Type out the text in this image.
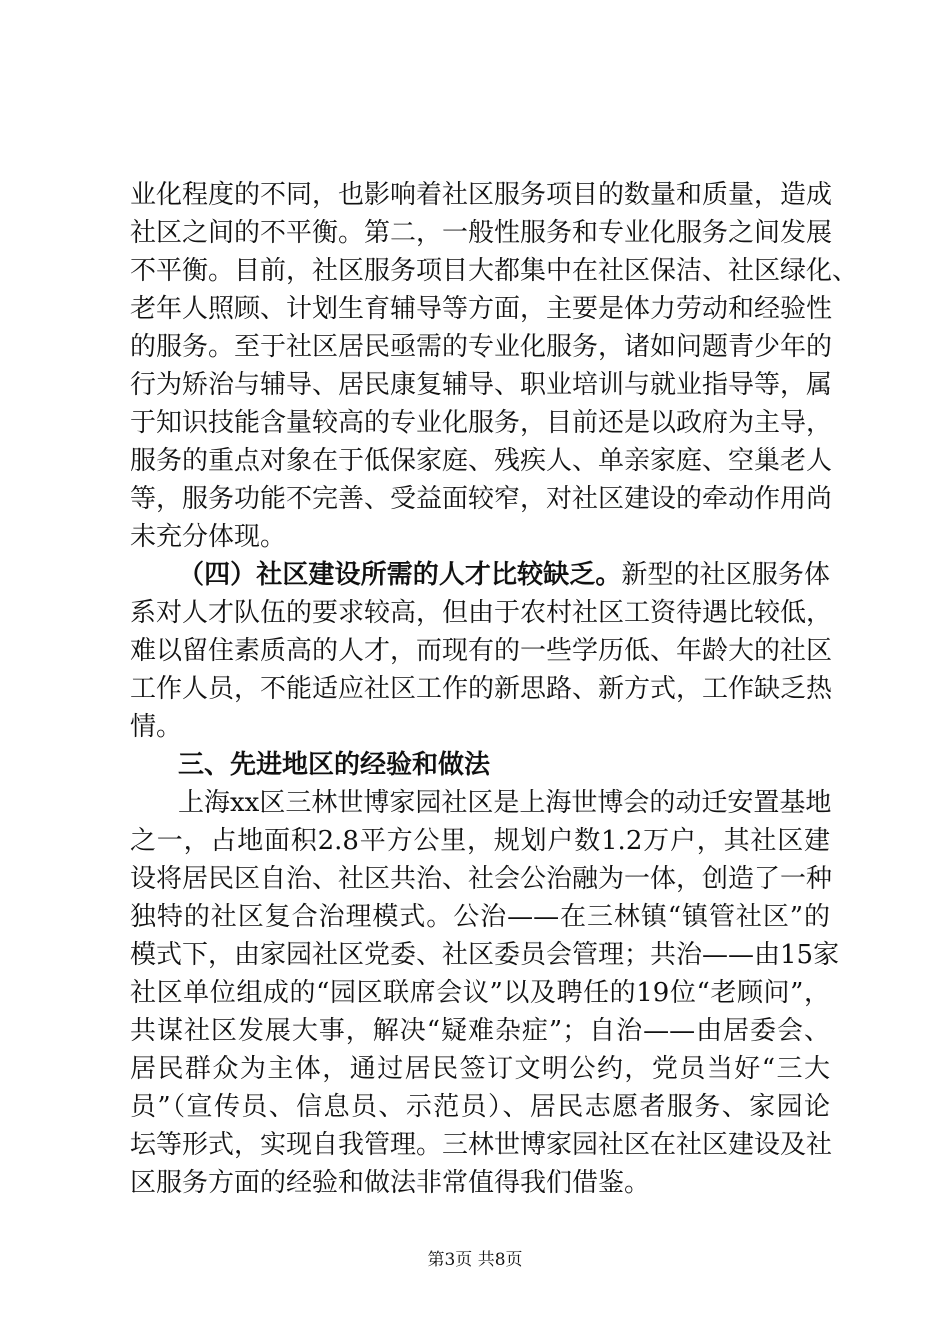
业化程度的不同，也影响着社区服务项目的数量和质量，造成
社区之间的不平衡。第二，一般性服务和专业化服务之间发展
不平衡。目前，社区服务项目大都集中在社区保洁、社区绿化、
老年人照顾、计划生育辅导等方面，主要是体力劳动和经验性
的服务。至于社区居民亟需的专业化服务，诸如问题青少年的
行为矫治与辅导、居民康复辅导、职业培训与就业指导等，属
于知识技能含量较高的专业化服务，目前还是以政府为主导，
服务的重点对象在于低保家庭、残疾人、单亲家庭、空巢老人
等，服务功能不完善、受益面较窄，对社区建设的牵动作用尚
未充分体现。
（四）社区建设所需的人才比较缺乏。新型的社区服务体
系对人才队伍的要求较高，但由于农村社区工资待遇比较低，
难以留住素质高的人才，而现有的一些学历低、年龄大的社区
工作人员，不能适应社区工作的新思路、新方式，工作缺乏热
情。
三、先进地区的经验和做法
上海xx区三林世博家园社区是上海世博会的动迁安置基地
之一，占地面积2.8平方公里，规划户数1.2万户，其社区建
设将居民区自治、社区共治、社会公治融为一体，创造了一种
独特的社区复合治理模式。公治——在三林镇“镇管社区”的
模式下，由家园社区党委、社区委员会管理；共治——由15家
社区单位组成的“园区联席会议”以及聘任的19位“老顾问”，
共谋社区发展大事，解决“疑难杂症”；自治——由居委会、
居民群众为主体，通过居民签订文明公约，党员当好“三大
员”（宣传员、信息员、示范员）、居民志愿者服务、家园论
坛等形式，实现自我管理。三林世博家园社区在社区建设及社
区服务方面的经验和做法非常值得我们借鉴。
第3页 共8页
